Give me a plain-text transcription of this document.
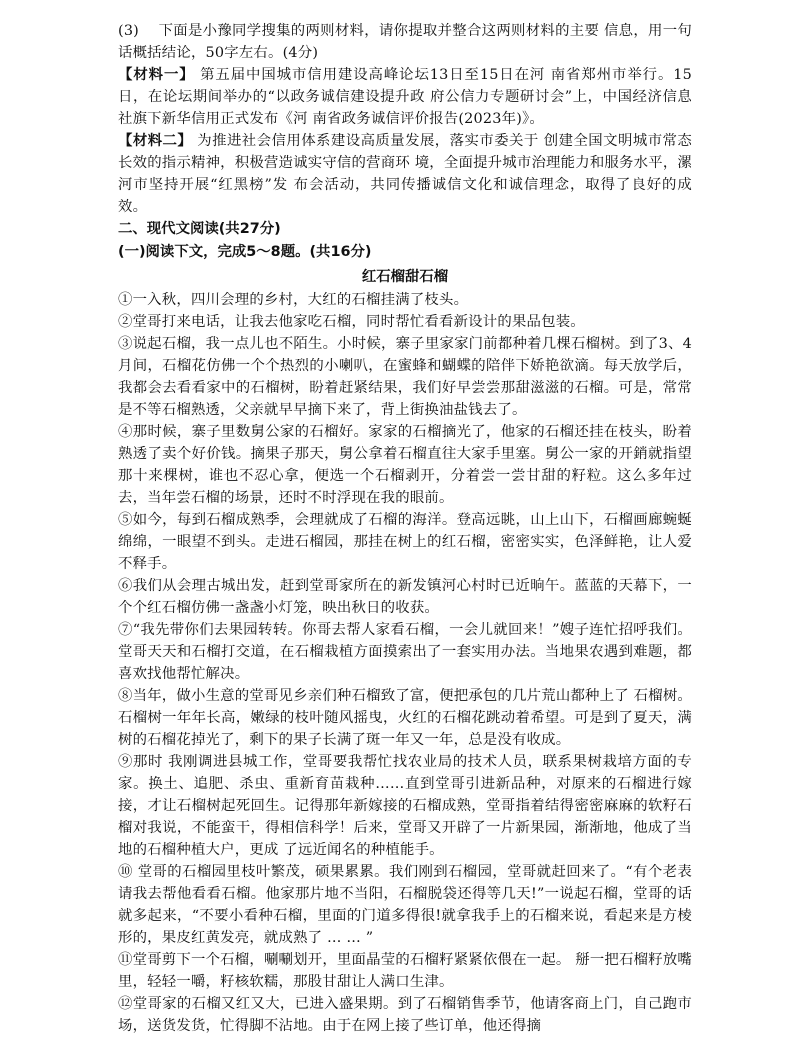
(3)　 下面是小豫同学搜集的两则材料，请你提取并整合这两则材料的主要 信息，用一句话概括结论，50字左右。(4分)

【材料一】 第五届中国城市信用建设高峰论坛13日至15日在河 南省郑州市举行。15日，在论坛期间举办的“以政务诚信建设提升政 府公信力专题研讨会”上，中国经济信息社旗下新华信用正式发布《河 南省政务诚信评价报告(2023年)》。

【材料二】 为推进社会信用体系建设高质量发展，落实市委关于 创建全国文明城市常态长效的指示精神，积极营造诚实守信的营商环 境，全面提升城市治理能力和服务水平，漯河市坚持开展“红黑榜”发 布会活动，共同传播诚信文化和诚信理念，取得了良好的成效。

二、现代文阅读(共27分)
(一)阅读下文，完成5～8题。(共16分)
红石榴甜石榴

①一入秋，四川会理的乡村，大红的石榴挂满了枝头。

②堂哥打来电话，让我去他家吃石榴，同时帮忙看看新设计的果品包装。

③说起石榴，我一点儿也不陌生。小时候，寨子里家家门前都种着几棵石榴树。到了3、4月间，石榴花仿佛一个个热烈的小喇叭，在蜜蜂和蝴蝶的陪伴下娇艳欲滴。每天放学后，我都会去看看家中的石榴树，盼着赶紧结果，我们好早尝尝那甜滋滋的石榴。可是，常常是不等石榴熟透，父亲就早早摘下来了，背上街换油盐钱去了。

④那时候，寨子里数舅公家的石榴好。家家的石榴摘光了，他家的石榴还挂在枝头，盼着熟透了卖个好价钱。摘果子那天，舅公拿着石榴直往大家手里塞。舅公一家的开銷就指望那十来棵树，谁也不忍心拿，便选一个石榴剥开，分着尝一尝甘甜的籽粒。这么多年过去，当年尝石榴的场景，还时不时浮现在我的眼前。

⑤如今，每到石榴成熟季，会理就成了石榴的海洋。登高远眺，山上山下，石榴画廊蜿蜒绵绵，一眼望不到头。走进石榴园，那挂在树上的红石榴，密密实实，色泽鲜艳，让人爱不释手。

⑥我们从会理古城出发，赶到堂哥家所在的新发镇河心村时已近晌午。蓝蓝的天幕下，一个个红石榴仿佛一盏盏小灯笼，映出秋日的收获。

⑦“我先带你们去果园转转。你哥去帮人家看石榴，一会儿就回来！”嫂子连忙招呼我们。堂哥天天和石榴打交道，在石榴栽植方面摸索出了一套实用办法。当地果农遇到难题，都喜欢找他帮忙解决。

⑧当年，做小生意的堂哥见乡亲们种石榴致了富，便把承包的几片荒山都种上了 石榴树。石榴树一年年长高，嫩绿的枝叶随风摇曳，火红的石榴花跳动着希望。可是到了夏天，满树的石榴花掉光了，剩下的果子长满了斑一年又一年，总是没有收成。

⑨那时 我刚调进县城工作，堂哥要我帮忙找农业局的技术人员，联系果树栽培方面的专家。换土、追肥、杀虫、重新育苗栽种……直到堂哥引进新品种，对原来的石榴进行嫁接，才让石榴树起死回生。记得那年新嫁接的石榴成熟，堂哥指着结得密密麻麻的软籽石榴对我说，不能蛮干，得相信科学！后来，堂哥又开辟了一片新果园，渐渐地，他成了当地的石榴种植大户，更成 了远近闻名的种植能手。

⑩ 堂哥的石榴园里枝叶繁茂，硕果累累。我们刚到石榴园，堂哥就赶回来了。“有个老表请我去帮他看看石榴。他家那片地不当阳，石榴脱袋还得等几天!”一说起石榴，堂哥的话就多起来，“不要小看种石榴，里面的门道多得很!就拿我手上的石榴来说，看起来是方棱形的，果皮红黄发亮，就成熟了 … … ”

⑪堂哥剪下一个石榴，唰唰划开，里面晶莹的石榴籽紧紧依偎在一起。 掰一把石榴籽放嘴里，轻轻一嚼，籽核软糯，那股甘甜让人满口生津。

⑫堂哥家的石榴又红又大，已进入盛果期。到了石榴销售季节，他请客商上门，自己跑市场，送货发货，忙得脚不沾地。由于在网上接了些订单，他还得摘
